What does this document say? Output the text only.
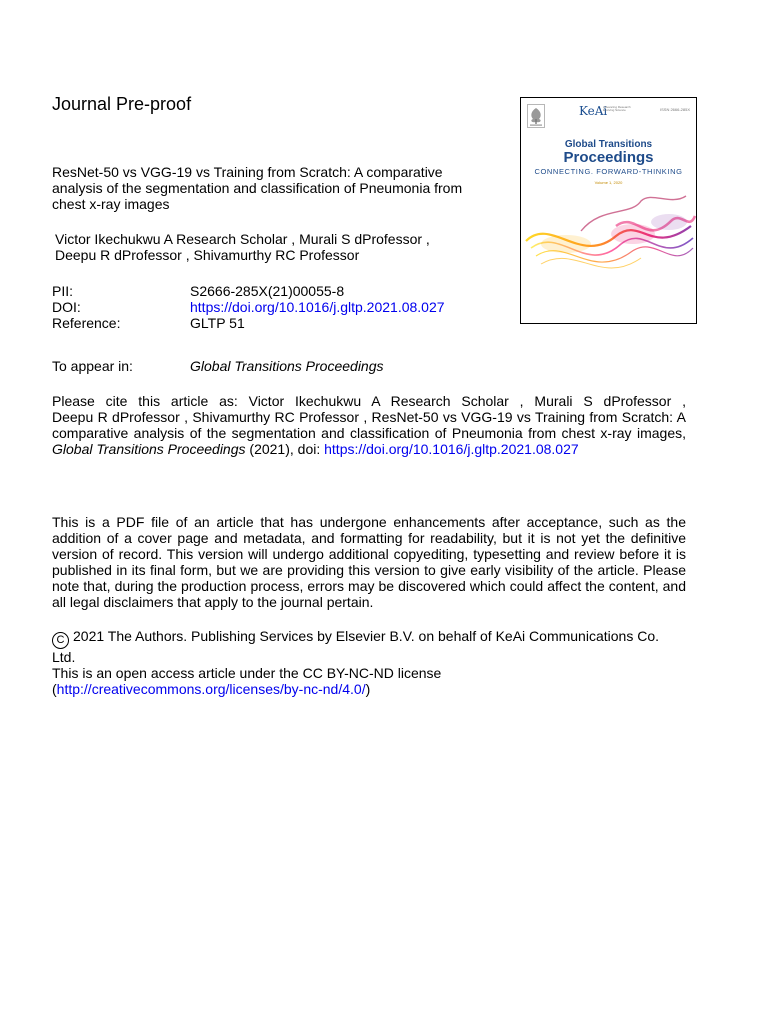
Journal Pre-proof
ResNet-50 vs VGG-19 vs Training from Scratch: A comparative analysis of the segmentation and classification of Pneumonia from chest x-ray images
Victor Ikechukwu A Research Scholar , Murali S dProfessor ,
Deepu R dProfessor , Shivamurthy RC Professor
PII:	S2666-285X(21)00055-8
DOI:	https://doi.org/10.1016/j.gltp.2021.08.027
Reference:	GLTP 51
To appear in:	Global Transitions Proceedings
Please cite this article as: Victor Ikechukwu A Research Scholar , Murali S dProfessor ,
Deepu R dProfessor , Shivamurthy RC Professor , ResNet-50 vs VGG-19 vs Training from Scratch: A comparative analysis of the segmentation and classification of Pneumonia from chest x-ray images, Global Transitions Proceedings (2021), doi: https://doi.org/10.1016/j.gltp.2021.08.027
This is a PDF file of an article that has undergone enhancements after acceptance, such as the addition of a cover page and metadata, and formatting for readability, but it is not yet the definitive version of record. This version will undergo additional copyediting, typesetting and review before it is published in its final form, but we are providing this version to give early visibility of the article. Please note that, during the production process, errors may be discovered which could affect the content, and all legal disclaimers that apply to the journal pertain.
C 2021 The Authors. Publishing Services by Elsevier B.V. on behalf of KeAi Communications Co. Ltd.
This is an open access article under the CC BY-NC-ND license
(http://creativecommons.org/licenses/by-nc-nd/4.0/)
KeAi
Advancing Research Evolving Science	ISSN 2666-285X
Global Transitions
Proceedings
CONNECTING. FORWARD-THINKING
Volume 1, 2020
